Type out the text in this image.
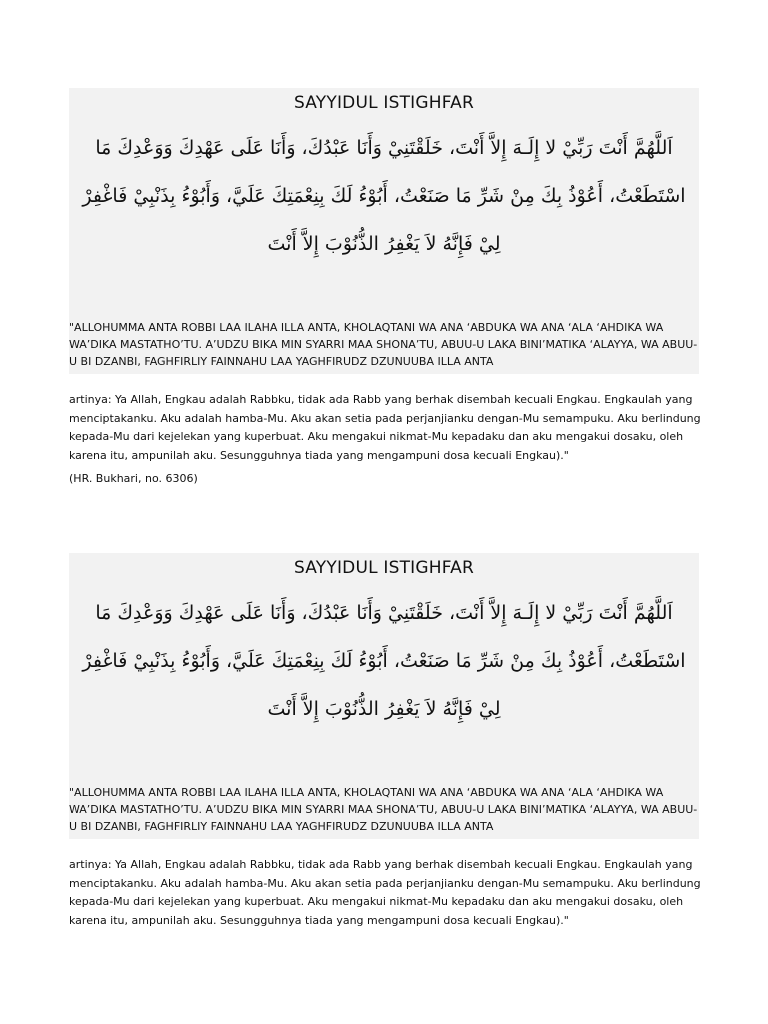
SAYYIDUL ISTIGHFAR
اَللَّهُمَّ أَنْتَ رَبِّيْ لا إِلَـهَ إِلاَّ أَنْتَ، خَلَقْتَنِيْ وَأَنَا عَبْدُكَ، وَأَنَا عَلَى عَهْدِكَ وَوَعْدِكَ مَا اسْتَطَعْتُ، أَعُوْذُ بِكَ مِنْ شَرِّ مَا صَنَعْتُ، أَبُوْءُ لَكَ بِنِعْمَتِكَ عَلَيَّ، وَأَبُوْءُ بِذَنْبِيْ فَاغْفِرْ لِيْ فَإِنَّهُ لاَ يَغْفِرُ الذُّنُوْبَ إِلاَّ أَنْتَ
"ALLOHUMMA ANTA ROBBI LAA ILAHA ILLA ANTA, KHOLAQTANI WA ANA ‘ABDUKA WA ANA ‘ALA ‘AHDIKA WA WA’DIKA MASTATHO’TU. A’UDZU BIKA MIN SYARRI MAA SHONA’TU, ABUU-U LAKA BINI’MATIKA ‘ALAYYA, WA ABUU-U BI DZANBI, FAGHFIRLIY FAINNAHU LAA YAGHFIRUDZ DZUNUUBA ILLA ANTA
artinya: Ya Allah, Engkau adalah Rabbku, tidak ada Rabb yang berhak disembah kecuali Engkau. Engkaulah yang menciptakanku. Aku adalah hamba-Mu. Aku akan setia pada perjanjianku dengan-Mu semampuku. Aku berlindung kepada-Mu dari kejelekan yang kuperbuat. Aku mengakui nikmat-Mu kepadaku dan aku mengakui dosaku, oleh karena itu, ampunilah aku. Sesungguhnya tiada yang mengampuni dosa kecuali Engkau)."
(HR. Bukhari, no. 6306)
SAYYIDUL ISTIGHFAR
اَللَّهُمَّ أَنْتَ رَبِّيْ لا إِلَـهَ إِلاَّ أَنْتَ، خَلَقْتَنِيْ وَأَنَا عَبْدُكَ، وَأَنَا عَلَى عَهْدِكَ وَوَعْدِكَ مَا اسْتَطَعْتُ، أَعُوْذُ بِكَ مِنْ شَرِّ مَا صَنَعْتُ، أَبُوْءُ لَكَ بِنِعْمَتِكَ عَلَيَّ، وَأَبُوْءُ بِذَنْبِيْ فَاغْفِرْ لِيْ فَإِنَّهُ لاَ يَغْفِرُ الذُّنُوْبَ إِلاَّ أَنْتَ
"ALLOHUMMA ANTA ROBBI LAA ILAHA ILLA ANTA, KHOLAQTANI WA ANA ‘ABDUKA WA ANA ‘ALA ‘AHDIKA WA WA’DIKA MASTATHO’TU. A’UDZU BIKA MIN SYARRI MAA SHONA’TU, ABUU-U LAKA BINI’MATIKA ‘ALAYYA, WA ABUU-U BI DZANBI, FAGHFIRLIY FAINNAHU LAA YAGHFIRUDZ DZUNUUBA ILLA ANTA
artinya: Ya Allah, Engkau adalah Rabbku, tidak ada Rabb yang berhak disembah kecuali Engkau. Engkaulah yang menciptakanku. Aku adalah hamba-Mu. Aku akan setia pada perjanjianku dengan-Mu semampuku. Aku berlindung kepada-Mu dari kejelekan yang kuperbuat. Aku mengakui nikmat-Mu kepadaku dan aku mengakui dosaku, oleh karena itu, ampunilah aku. Sesungguhnya tiada yang mengampuni dosa kecuali Engkau)."
